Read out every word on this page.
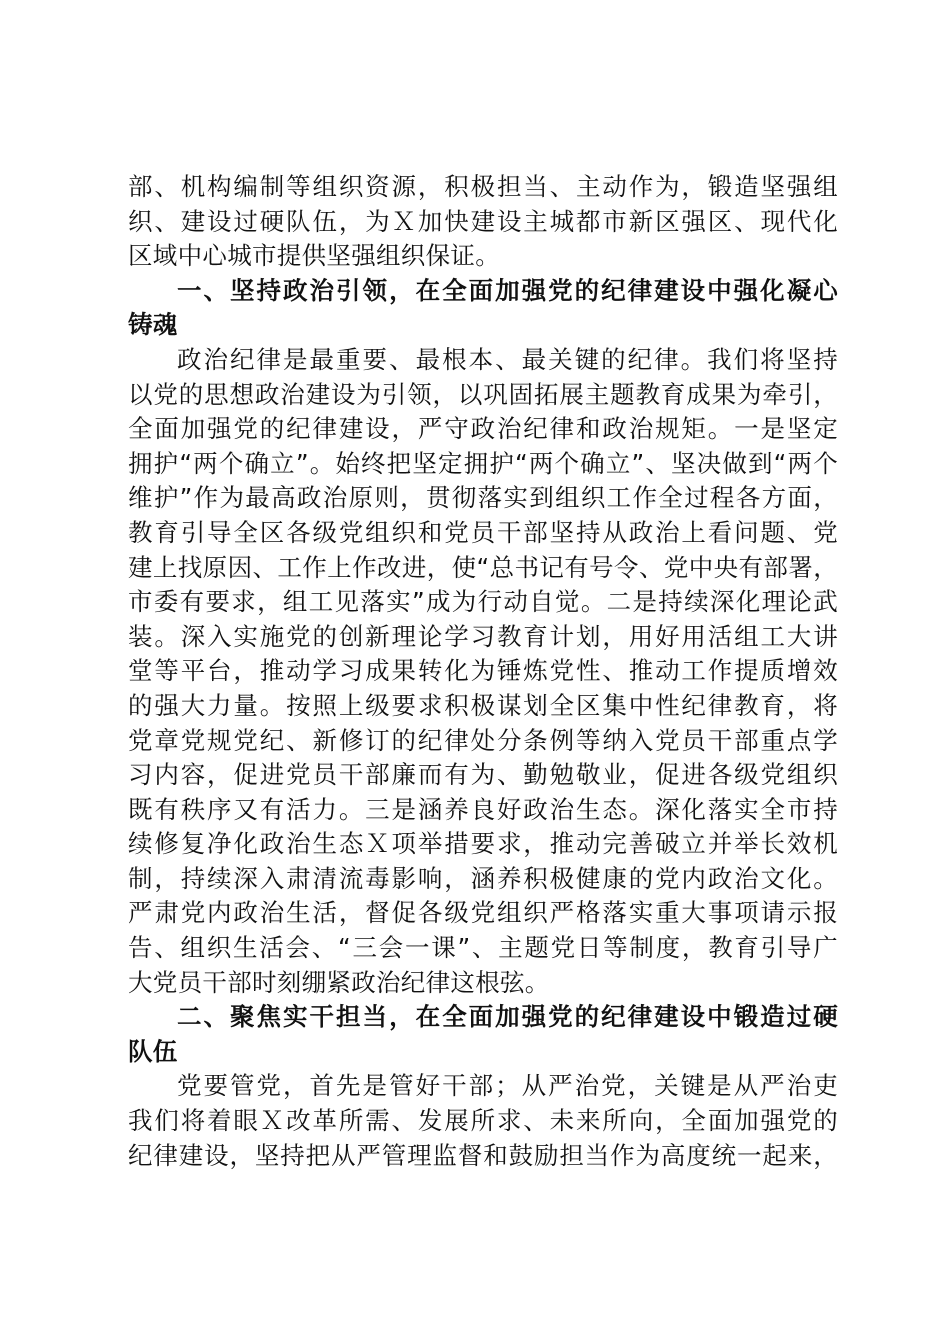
部、机构编制等组织资源，积极担当、主动作为，锻造坚强组
织、建设过硬队伍，为Ｘ加快建设主城都市新区强区、现代化
区域中心城市提供坚强组织保证。
一、坚持政治引领，在全面加强党的纪律建设中强化凝心
铸魂
政治纪律是最重要、最根本、最关键的纪律。我们将坚持
以党的思想政治建设为引领，以巩固拓展主题教育成果为牵引，
全面加强党的纪律建设，严守政治纪律和政治规矩。一是坚定
拥护“两个确立”。始终把坚定拥护“两个确立”、坚决做到“两个
维护”作为最高政治原则，贯彻落实到组织工作全过程各方面，
教育引导全区各级党组织和党员干部坚持从政治上看问题、党
建上找原因、工作上作改进，使“总书记有号令、党中央有部署，
市委有要求，组工见落实”成为行动自觉。二是持续深化理论武
装。深入实施党的创新理论学习教育计划，用好用活组工大讲
堂等平台，推动学习成果转化为锤炼党性、推动工作提质增效
的强大力量。按照上级要求积极谋划全区集中性纪律教育，将
党章党规党纪、新修订的纪律处分条例等纳入党员干部重点学
习内容，促进党员干部廉而有为、勤勉敬业，促进各级党组织
既有秩序又有活力。三是涵养良好政治生态。深化落实全市持
续修复净化政治生态Ｘ项举措要求，推动完善破立并举长效机
制，持续深入肃清流毒影响，涵养积极健康的党内政治文化。
严肃党内政治生活，督促各级党组织严格落实重大事项请示报
告、组织生活会、“三会一课”、主题党日等制度，教育引导广
大党员干部时刻绷紧政治纪律这根弦。
二、聚焦实干担当，在全面加强党的纪律建设中锻造过硬
队伍
党要管党，首先是管好干部；从严治党，关键是从严治吏
我们将着眼Ｘ改革所需、发展所求、未来所向，全面加强党的
纪律建设，坚持把从严管理监督和鼓励担当作为高度统一起来，
